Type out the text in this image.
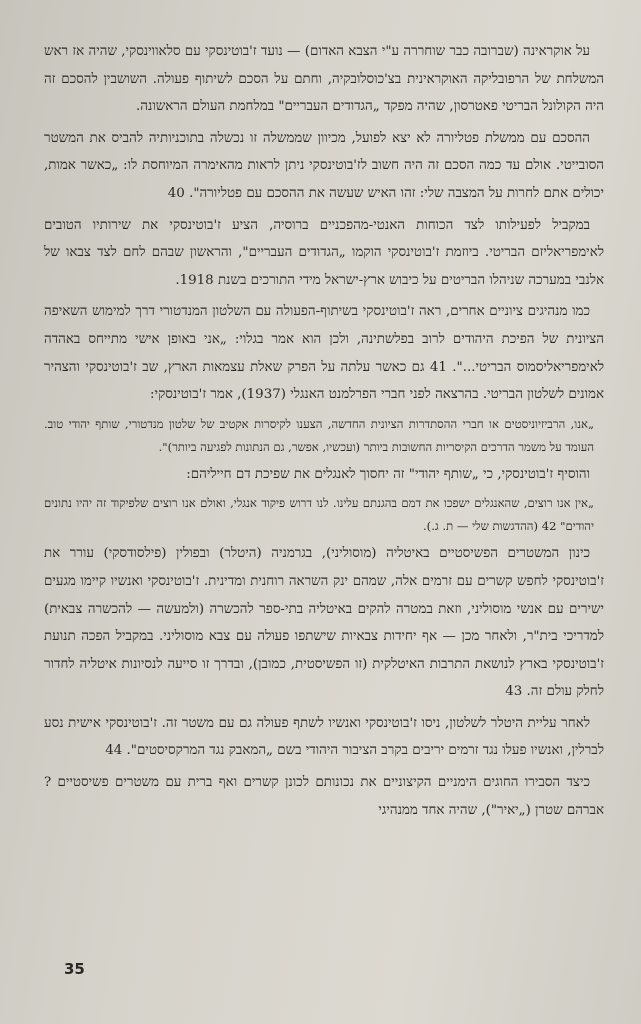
על אוקראינה (שברובה כבר שוחררה ע"י הצבא האדום) — נועד ז'בוטינסקי עם סלאווינסקי, שהיה אז ראש המשלחת של הרפובליקה האוקראינית בצ'כוסלובקיה, וחתם על הסכם לשיתוף פעולה. השושבין להסכם זה היה הקולונל הבריטי פאטרסון, שהיה מפקד „הגדודים העבריים" במלחמת העולם הראשונה.

ההסכם עם ממשלת פטליורה לא יצא לפועל, מכיוון שממשלה זו נכשלה בתוכניותיה להביס את המשטר הסובייטי. אולם עד כמה הסכם זה היה חשוב לז'בוטינסקי ניתן לראות מהאימרה המיוחסת לו: „כאשר אמות, יכולים אתם לחרות על המצבה שלי: זהו האיש שעשה את ההסכם עם פטליורה". 40

במקביל לפעילותו לצד הכוחות האנטי-מהפכניים ברוסיה, הציע ז'בוטינסקי את שירותיו הטובים לאימפריאליזם הבריטי. ביוזמת ז'בוטינסקי הוקמו „הגדודים העבריים", והראשון שבהם לחם לצד צבאו של אלנבי במערכה שניהלו הבריטים על כיבוש ארץ-ישראל מידי התורכים בשנת 1918.

כמו מנהיגים ציוניים אחרים, ראה ז'בוטינסקי בשיתוף-הפעולה עם השלטון המנדטורי דרך למימוש השאיפה הציונית של הפיכת היהודים לרוב בפלשתינה, ולכן הוא אמר בגלוי: „אני באופן אישי מתייחס באהדה לאימפריאליסמוס הבריטי...". 41 גם כאשר עלתה על הפרק שאלת עצמאות הארץ, שב ז'בוטינסקי והצהיר אמונים לשלטון הבריטי. בהרצאה לפני חברי הפרלמנט האנגלי (1937), אמר ז'בוטינסקי:

„אנו, הרביזיוניסטים או חברי ההסתדרות הציונית החדשה, הצענו לקיסרות אקטיב של שלטון מנדטורי, שותף יהודי טוב. העומד על משמר הדרכים הקיסריות החשובות ביותר (ועכשיו, אפשר, גם הנתונות לפגיעה ביותר)".

והוסיף ז'בוטינסקי, כי „שותף יהודי" זה יחסוך לאנגלים את שפיכת דם חייליהם:

„אין אנו רוצים, שהאנגלים ישפכו את דמם בהגנתם עלינו. לנו דרוש פיקוד אנגלי, ואולם אנו רוצים שלפיקוד זה יהיו נתונים יהודים" 42 (ההדגשות שלי — ת. ג.).

כינון המשטרים הפשיסטיים באיטליה (מוסוליני), בגרמניה (היטלר) ובפולין (פילסודסקי) עורר את ז'בוטינסקי לחפש קשרים עם זרמים אלה, שמהם ינק השראה רוחנית ומדינית. ז'בוטינסקי ואנשיו קיימו מגעים ישירים עם אנשי מוסוליני, וזאת במטרה להקים באיטליה בתי-ספר להכשרה (ולמעשה — להכשרה צבאית) למדריכי בית"ר, ולאחר מכן — אף יחידות צבאיות שישתפו פעולה עם צבא מוסוליני. במקביל הפכה תנועת ז'בוטינסקי בארץ לנושאת התרבות האיטלקית (זו הפשיסטית, כמובן), ובדרך זו סייעה לנסיונות איטליה לחדור לחלק עולם זה. 43

לאחר עליית היטלר לשלטון, ניסו ז'בוטינסקי ואנשיו לשתף פעולה גם עם משטר זה. ז'בוטינסקי אישית נסע לברלין, ואנשיו פעלו נגד זרמים יריבים בקרב הציבור היהודי בשם „המאבק נגד המרקסיסטים". 44

כיצד הסבירו החוגים הימניים הקיצוניים את נכונותם לכונן קשרים ואף ברית עם משטרים פשיסטיים ? אברהם שטרן („יאיר"), שהיה אחד ממנהיגי

35
